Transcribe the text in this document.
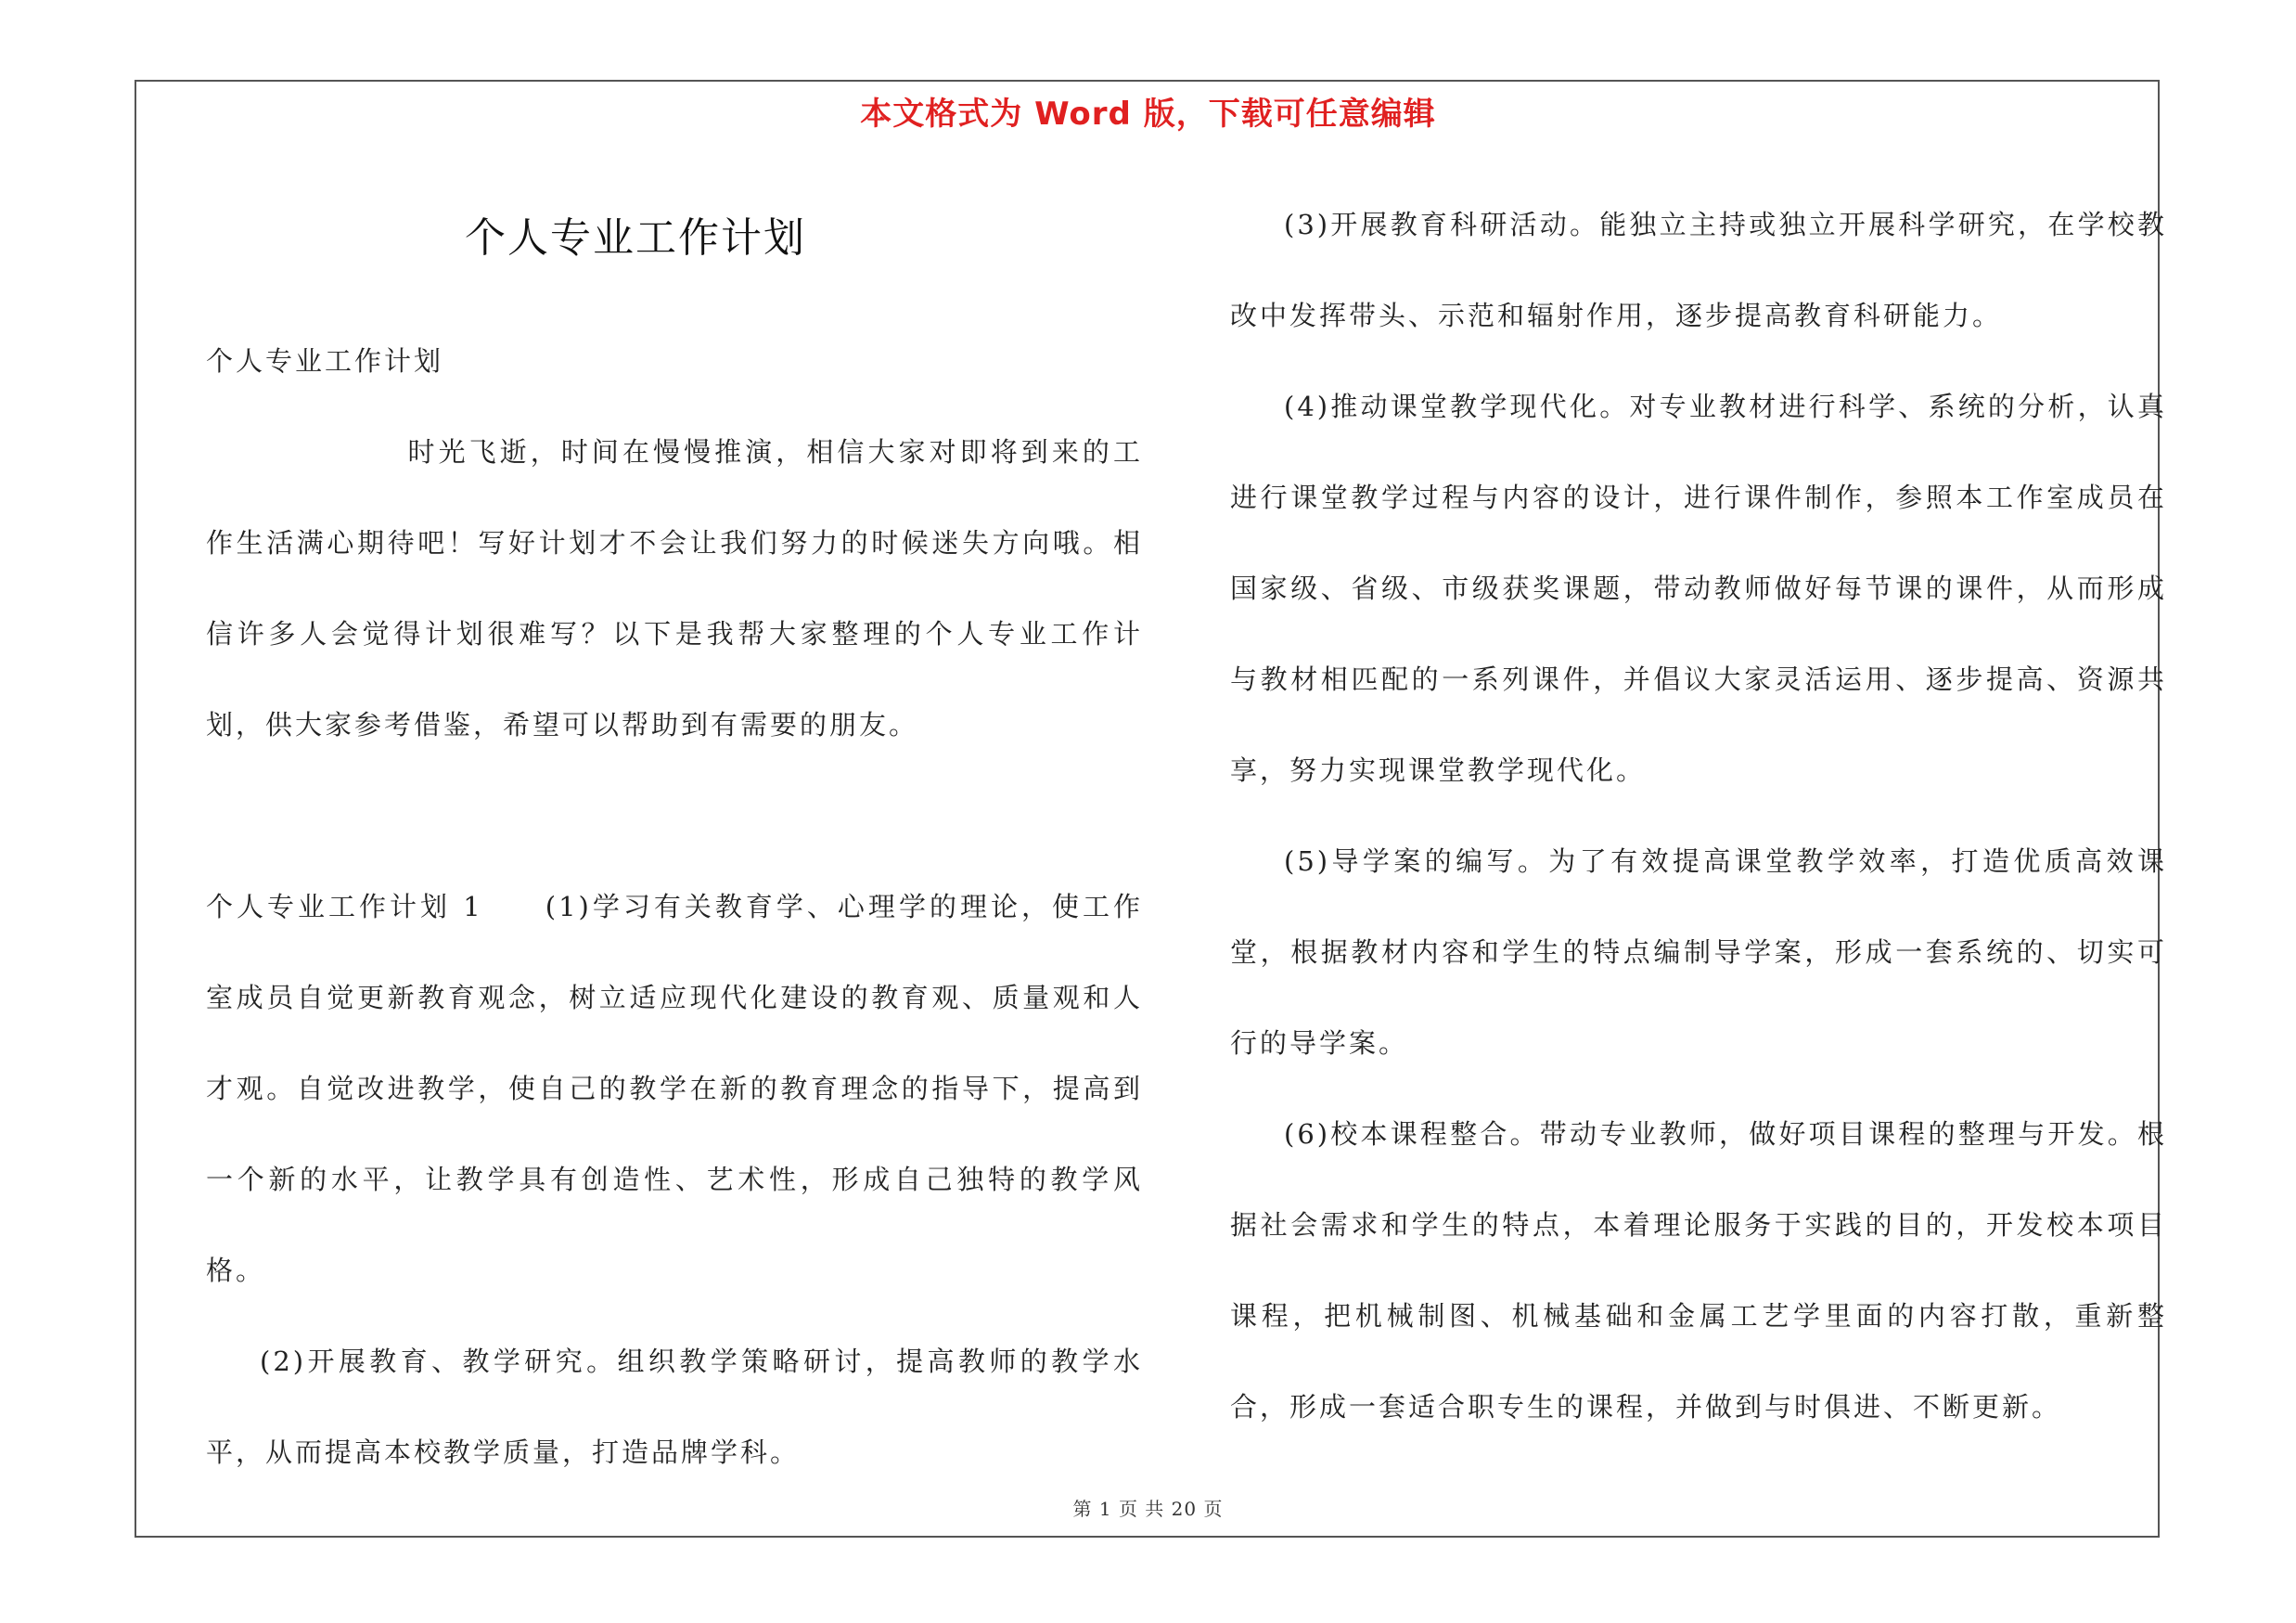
本文格式为 Word 版，下载可任意编辑
个人专业工作计划

个人专业工作计划

时光飞逝，时间在慢慢推演，相信大家对即将到来的工作生活满心期待吧！写好计划才不会让我们努力的时候迷失方向哦。相信许多人会觉得计划很难写？以下是我帮大家整理的个人专业工作计划，供大家参考借鉴，希望可以帮助到有需要的朋友。

个人专业工作计划 1　　(1)学习有关教育学、心理学的理论，使工作室成员自觉更新教育观念，树立适应现代化建设的教育观、质量观和人才观。自觉改进教学，使自己的教学在新的教育理念的指导下，提高到一个新的水平，让教学具有创造性、艺术性，形成自己独特的教学风格。

(2)开展教育、教学研究。组织教学策略研讨，提高教师的教学水平，从而提高本校教学质量，打造品牌学科。

(3)开展教育科研活动。能独立主持或独立开展科学研究，在学校教改中发挥带头、示范和辐射作用，逐步提高教育科研能力。

(4)推动课堂教学现代化。对专业教材进行科学、系统的分析，认真进行课堂教学过程与内容的设计，进行课件制作，参照本工作室成员在国家级、省级、市级获奖课题，带动教师做好每节课的课件，从而形成与教材相匹配的一系列课件，并倡议大家灵活运用、逐步提高、资源共享，努力实现课堂教学现代化。

(5)导学案的编写。为了有效提高课堂教学效率，打造优质高效课堂，根据教材内容和学生的特点编制导学案，形成一套系统的、切实可行的导学案。

(6)校本课程整合。带动专业教师，做好项目课程的整理与开发。根据社会需求和学生的特点，本着理论服务于实践的目的，开发校本项目课程，把机械制图、机械基础和金属工艺学里面的内容打散，重新整合，形成一套适合职专生的课程，并做到与时俱进、不断更新。

第 1 页 共 20 页
